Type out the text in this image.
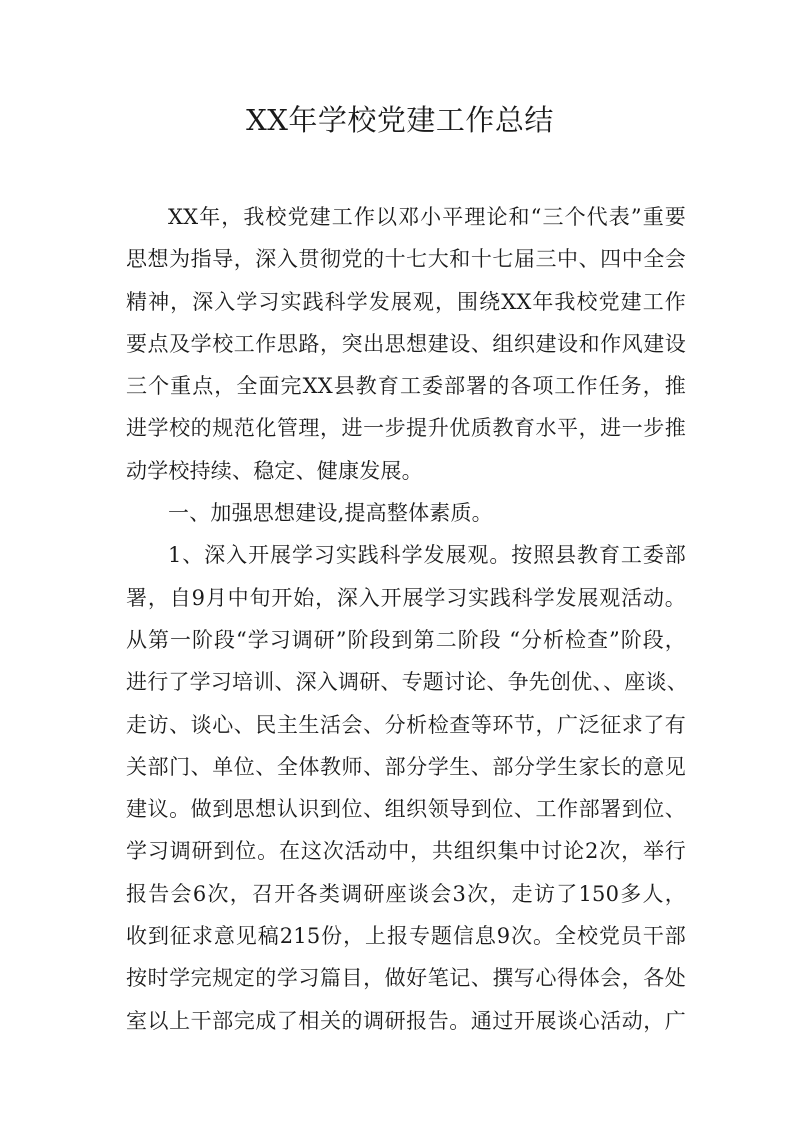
XX年学校党建工作总结
XX年，我校党建工作以邓小平理论和“三个代表”重要
思想为指导，深入贯彻党的十七大和十七届三中、四中全会
精神，深入学习实践科学发展观，围绕XX年我校党建工作
要点及学校工作思路，突出思想建设、组织建设和作风建设
三个重点，全面完XX县教育工委部署的各项工作任务，推
进学校的规范化管理，进一步提升优质教育水平，进一步推
动学校持续、稳定、健康发展。
一、加强思想建设,提高整体素质。
1、深入开展学习实践科学发展观。按照县教育工委部
署，自9月中旬开始，深入开展学习实践科学发展观活动。
从第一阶段“学习调研”阶段到第二阶段 “分析检查”阶段，
进行了学习培训、深入调研、专题讨论、争先创优、、座谈、
走访、谈心、民主生活会、分析检查等环节，广泛征求了有
关部门、单位、全体教师、部分学生、部分学生家长的意见
建议。做到思想认识到位、组织领导到位、工作部署到位、
学习调研到位。在这次活动中，共组织集中讨论2次，举行
报告会6次，召开各类调研座谈会3次，走访了150多人，
收到征求意见稿215份，上报专题信息9次。全校党员干部
按时学完规定的学习篇目，做好笔记、撰写心得体会，各处
室以上干部完成了相关的调研报告。通过开展谈心活动，广
